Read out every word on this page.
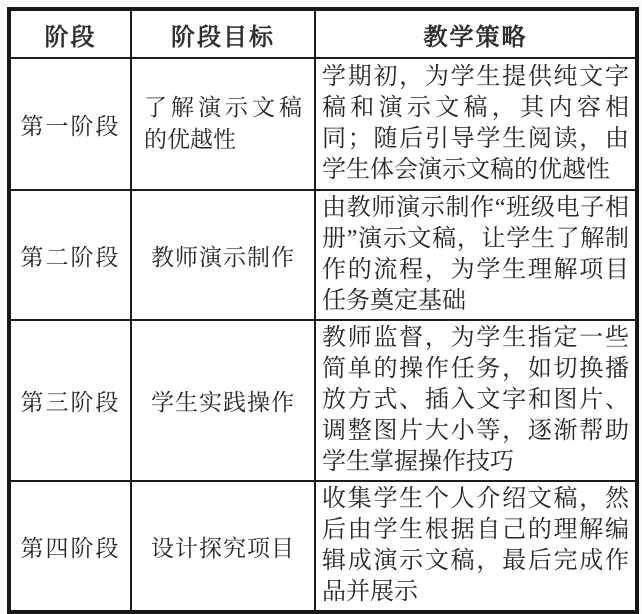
阶段	阶段目标	教学策略
第一阶段	了解演示文稿的优越性	学期初，为学生提供纯文字稿和演示文稿，其内容相同；随后引导学生阅读，由学生体会演示文稿的优越性
第二阶段	教师演示制作	由教师演示制作“班级电子相册”演示文稿，让学生了解制作的流程，为学生理解项目任务奠定基础
第三阶段	学生实践操作	教师监督，为学生指定一些简单的操作任务，如切换播放方式、插入文字和图片、调整图片大小等，逐渐帮助学生掌握操作技巧
第四阶段	设计探究项目	收集学生个人介绍文稿，然后由学生根据自己的理解编辑成演示文稿，最后完成作品并展示
